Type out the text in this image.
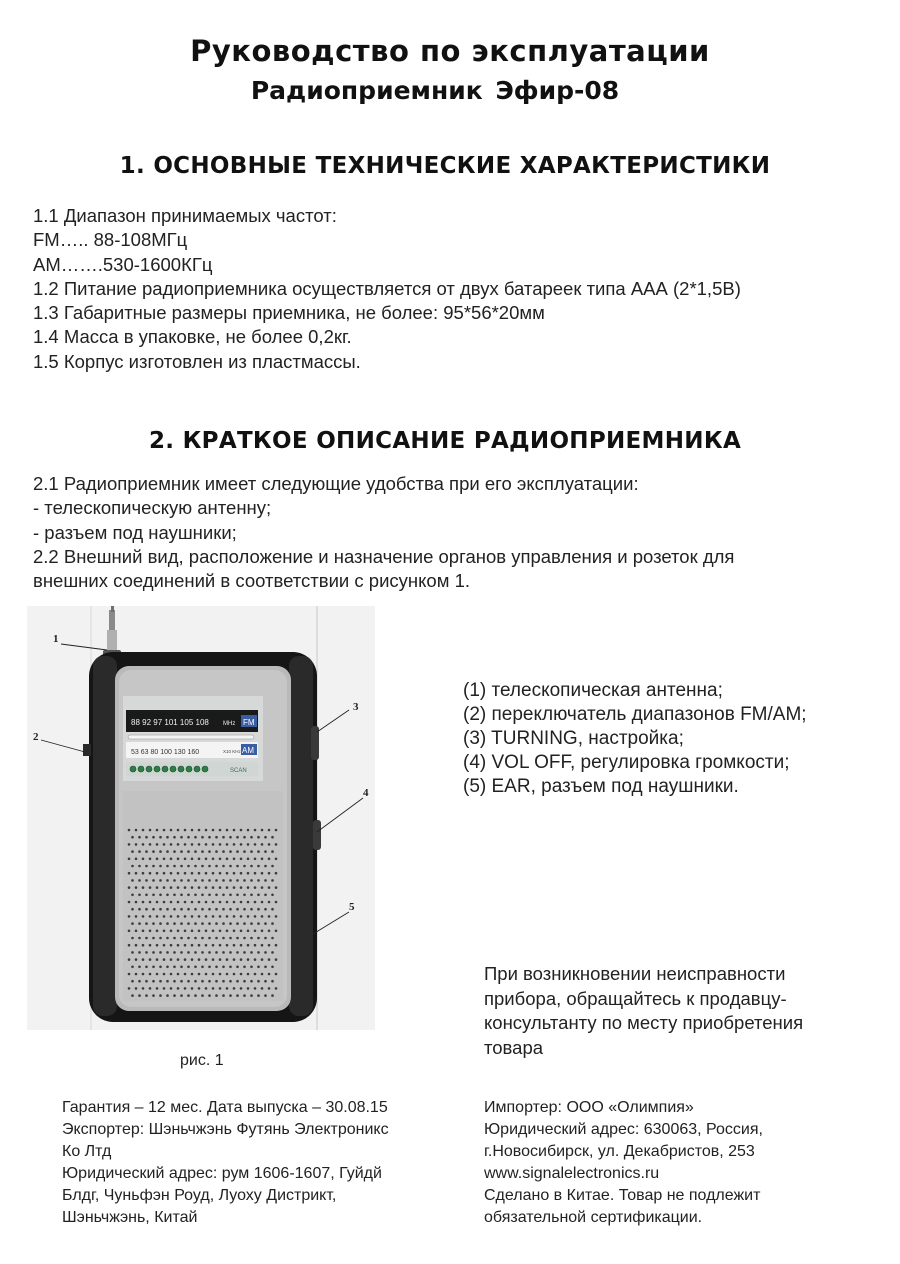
Руководство по эксплуатации
Радиоприемник Эфир-08
1. ОСНОВНЫЕ ТЕХНИЧЕСКИЕ ХАРАКТЕРИСТИКИ
1.1 Диапазон принимаемых частот:
FM….. 88-108МГц
AM…….530-1600КГц
1.2 Питание радиоприемника осуществляется от двух батареек типа ААА (2*1,5В)
1.3 Габаритные размеры приемника, не более: 95*56*20мм
1.4 Масса в упаковке, не более 0,2кг.
1.5 Корпус изготовлен из пластмассы.
2. КРАТКОЕ ОПИСАНИЕ РАДИОПРИЕМНИКА
2.1 Радиоприемник имеет следующие удобства при его эксплуатации:
- телескопическую антенну;
- разъем под наушники;
2.2 Внешний вид, расположение и назначение органов управления и розеток для
внешних соединений в соответствии с рисунком 1.
88 92 97 101 105 108 MHz FM
53 63 80 100 130 160	X10 KHz AM
SCAN
1
2
3
4
5
рис. 1
(1) телескопическая антенна;
(2) переключатель диапазонов FM/AM;
(3) TURNING, настройка;
(4) VOL OFF, регулировка громкости;
(5) EAR, разъем под наушники.
При возникновении неисправности
прибора, обращайтесь к продавцу-
консультанту по месту приобретения
товара
Гарантия – 12 мес. Дата выпуска – 30.08.15
Экспортер: Шэньчжэнь Футянь Электроникс
Ко Лтд
Юридический адрес: рум 1606-1607, Гуйдй
Блдг, Чуньфэн Роуд, Луоху Дистрикт,
Шэньчжэнь, Китай
Импортер: ООО «Олимпия»
Юридический адрес: 630063, Россия,
г.Новосибирск, ул. Декабристов, 253
www.signalelectronics.ru
Сделано в Китае. Товар не подлежит
обязательной сертификации.
